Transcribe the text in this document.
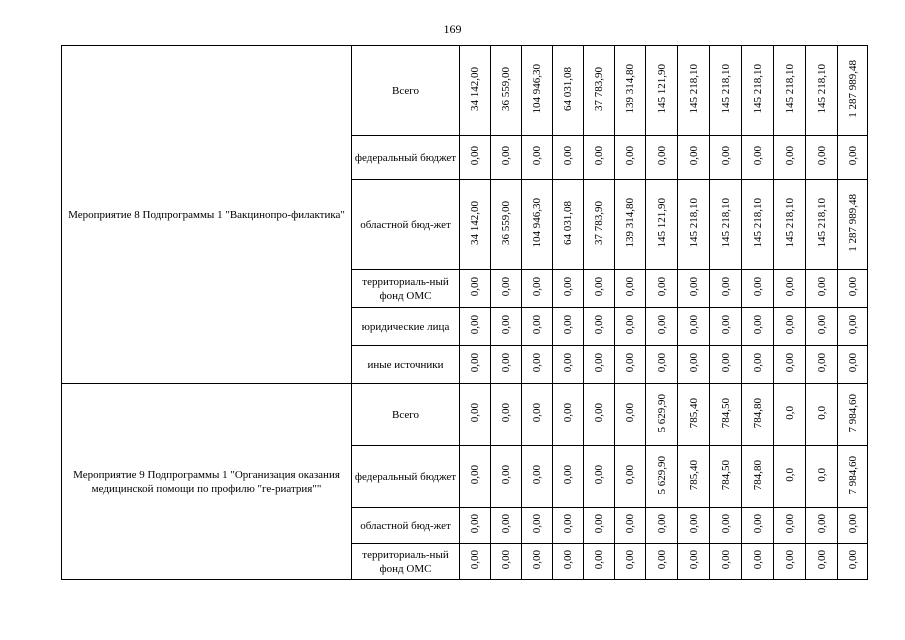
169
Мероприятие 8 Подпрограммы 1 "Вакцинопро-филактика"	Всего	34 142,00	36 559,00	104 946,30	64 031,08	37 783,90	139 314,80	145 121,90	145 218,10	145 218,10	145 218,10	145 218,10	145 218,10	1 287 989,48
	федеральный бюджет	0,00	0,00	0,00	0,00	0,00	0,00	0,00	0,00	0,00	0,00	0,00	0,00	0,00
	областной бюд-жет	34 142,00	36 559,00	104 946,30	64 031,08	37 783,90	139 314,80	145 121,90	145 218,10	145 218,10	145 218,10	145 218,10	145 218,10	1 287 989,48
	территориаль-ный фонд ОМС	0,00	0,00	0,00	0,00	0,00	0,00	0,00	0,00	0,00	0,00	0,00	0,00	0,00
	юридические лица	0,00	0,00	0,00	0,00	0,00	0,00	0,00	0,00	0,00	0,00	0,00	0,00	0,00
	иные источники	0,00	0,00	0,00	0,00	0,00	0,00	0,00	0,00	0,00	0,00	0,00	0,00	0,00
Мероприятие 9 Подпрограммы 1 "Организация оказания медицинской помощи по профилю "ге-риатрия""	Всего	0,00	0,00	0,00	0,00	0,00	0,00	5 629,90	785,40	784,50	784,80	0,0	0,0	7 984,60
	федеральный бюджет	0,00	0,00	0,00	0,00	0,00	0,00	5 629,90	785,40	784,50	784,80	0,0	0,0	7 984,60
	областной бюд-жет	0,00	0,00	0,00	0,00	0,00	0,00	0,00	0,00	0,00	0,00	0,00	0,00	0,00
	территориаль-ный фонд ОМС	0,00	0,00	0,00	0,00	0,00	0,00	0,00	0,00	0,00	0,00	0,00	0,00	0,00
